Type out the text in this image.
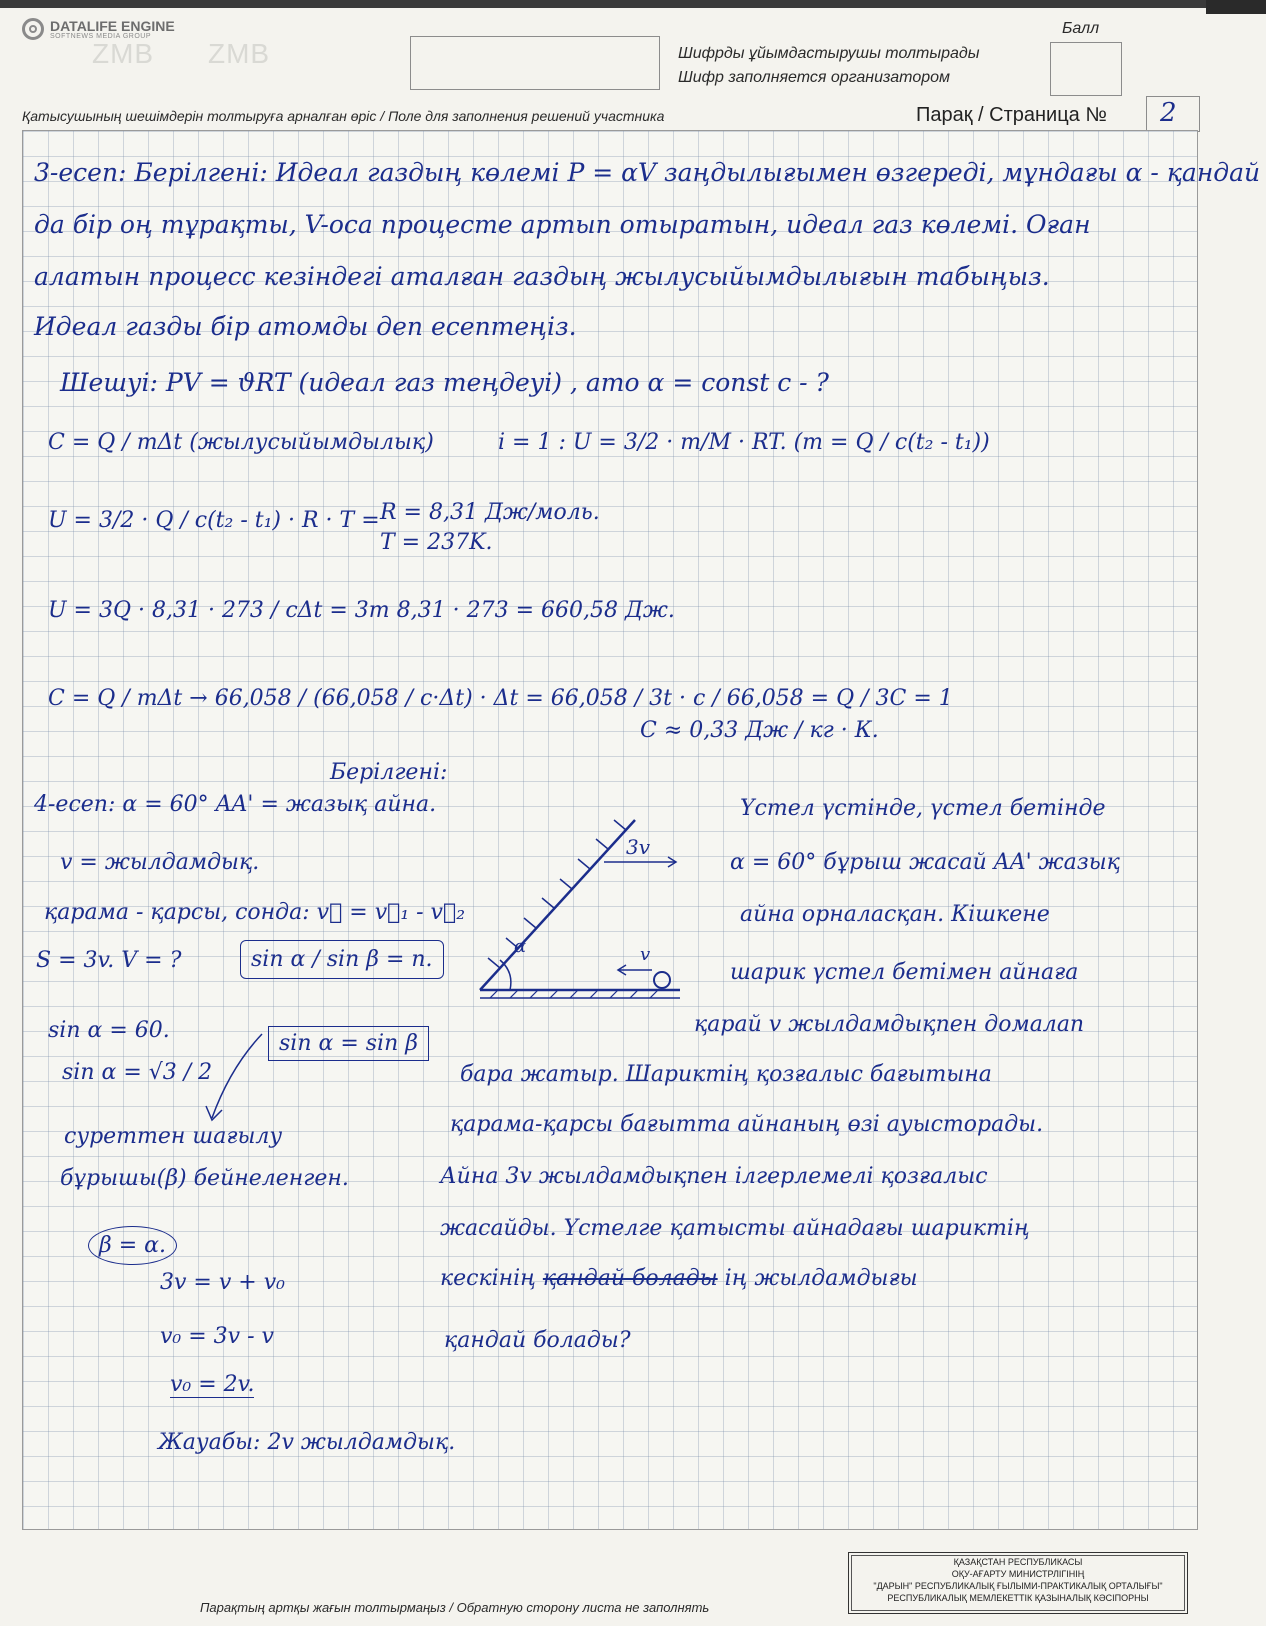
DATALIFE ENGINE
SOFTNEWS MEDIA GROUP
ZMB ZMB	Шифрды ұйымдастырушы толтырады
Шифр заполняется организатором
Балл
Қатысушының шешімдерін толтыруға арналған өріс / Поле для заполнения решений участника	Парақ / Страница № 2
3-есеп: Берілгені: Идеал газдың көлемі P = αV заңдылығымен өзгереді, мұндағы α - қандай
да бір оң тұрақты, V-оса процесте артып отыратын, идеал газ көлемі. Оған
алатын процесс кезіндегі аталған газдың жылусыйымдылығын табыңыз.
Идеал газды бір атомды деп есептеңіз.
Шешуі: PV = ϑRT (идеал газ теңдеуі) , ато α = const c - ?
C = Q / mΔt (жылусыйымдылық)	i = 1 : U = 3/2 · m/M · RT. (m = Q / c(t₂ - t₁))
U = 3/2 · Q / c(t₂ - t₁) · R · T = R = 8,31 Дж/моль.
T = 237K.
U = 3Q · 8,31 · 273 / cΔt = 3m 8,31 · 273 = 660,58 Дж.
C = Q / mΔt → 66,058 / (66,058 / c·Δt) · Δt = 66,058 / 3t · c / 66,058 = Q / 3C = 1
C ≈ 0,33 Дж / кг · К.
Берілгені:
4-есеп: α = 60° AA' = жазық айна.
v = жылдамдық.
қарама - қарсы, сонда: v⃗ = v⃗₁ - v⃗₂
S = 3v. V = ?	sin α / sin β = n.
sin α = sin β
sin α = 60.
sin α = √3 / 2
α	v
3v
Үстел үстінде, үстел бетінде
α = 60° бұрыш жасай AA' жазық
айна орналасқан. Кішкене
шарик үстел бетімен айнаға
қарай v жылдамдықпен домалап
бара жатыр. Шариктің қозғалыс бағытына
қарама-қарсы бағытта айнаның өзі ауысторады.
Айна 3v жылдамдықпен ілгерлемелі қозғалыс
жасайды. Үстелге қатысты айнадағы шариктің
кескінің қандай болады ің жылдамдығы
қандай болады?
суреттен шағылу
бұрышы(β) бейнеленген.
β = α.
3v = v + v₀
v₀ = 3v - v
v₀ = 2v.
Жауабы: 2v жылдамдық.
Парақтың артқы жағын толтырмаңыз / Обратную сторону листа не заполнять
ҚАЗАҚСТАН РЕСПУБЛИКАСЫ
ОҚУ-АҒАРТУ МИНИСТРЛІГІНІҢ
"ДАРЫН" РЕСПУБЛИКАЛЫҚ ҒЫЛЫМИ-ПРАКТИКАЛЫҚ ОРТАЛЫҒЫ"
РЕСПУБЛИКАЛЫҚ МЕМЛЕКЕТТІК ҚАЗЫНАЛЫҚ КӘСІПОРНЫ
